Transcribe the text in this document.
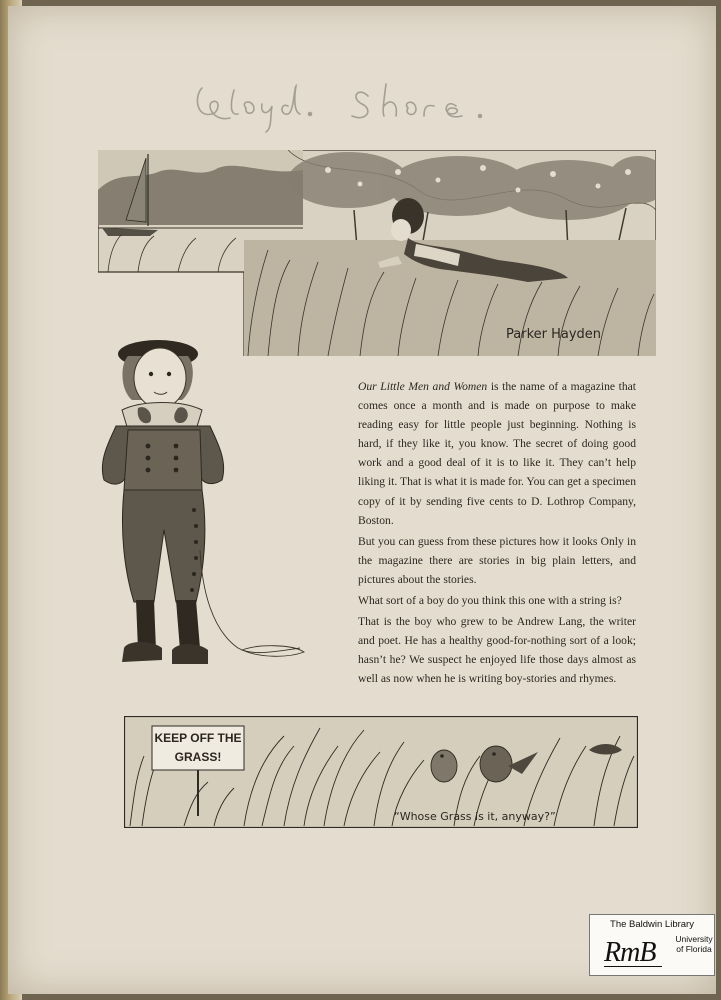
Parker Hayden

Our Little Men and Women is the name of a magazine that comes once a month and is made on purpose to make reading easy for little people just beginning. Nothing is hard, if they like it, you know. The secret of doing good work and a good deal of it is to like it. They can’t help liking it. That is what it is made for. You can get a specimen copy of it by sending five cents to D. Lothrop Company, Boston.

But you can guess from these pictures how it looks Only in the magazine there are stories in big plain letters, and pictures about the stories.

What sort of a boy do you think this one with a string is?

That is the boy who grew to be Andrew Lang, the writer and poet. He has a healthy good-for-nothing sort of a look; hasn’t he? We suspect he enjoyed life those days almost as well as now when he is writing boy-stories and rhymes.

KEEP OFF THE GRASS!
“Whose Grass is it, anyway?”
The Baldwin Library
RmB University of Florida
